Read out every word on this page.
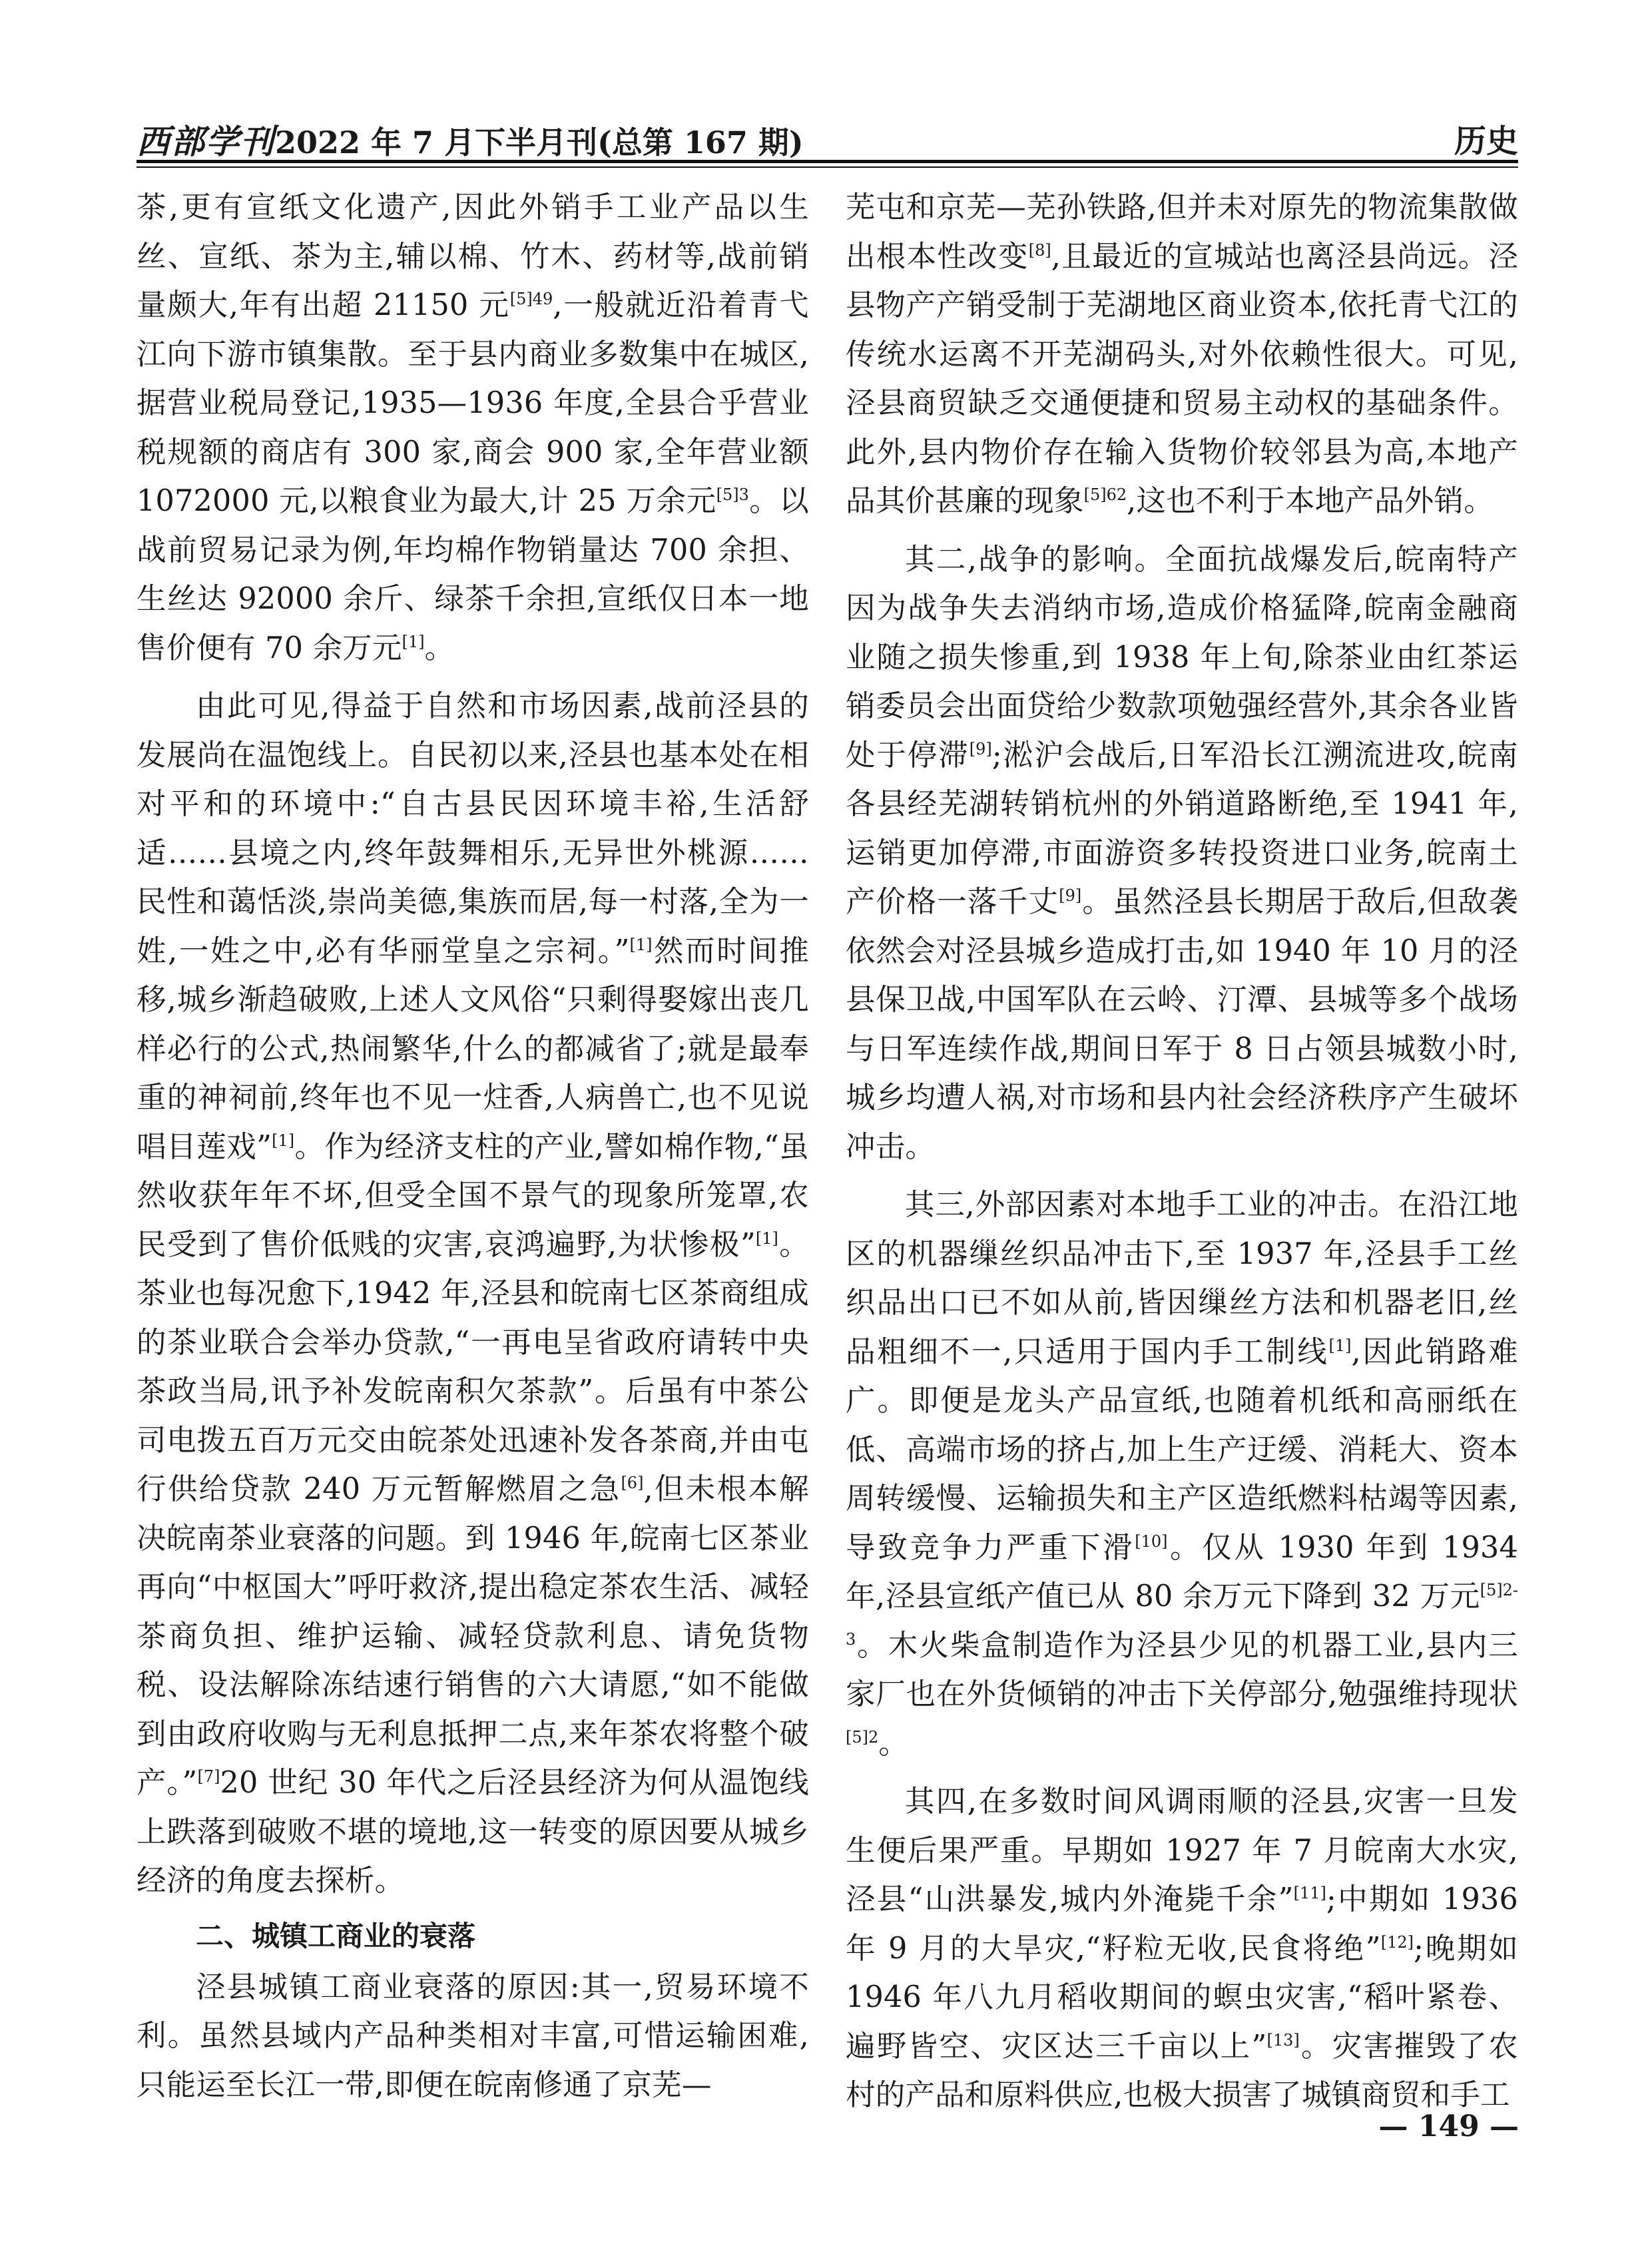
西部学刊2022 年 7 月下半月刊(总第 167 期)	历史

茶,更有宣纸文化遗产,因此外销手工业产品以生丝、宣纸、茶为主,辅以棉、竹木、药材等,战前销量颇大,年有出超 21150 元$^{[5]49}$,一般就近沿着青弋江向下游市镇集散。至于县内商业多数集中在城区,据营业税局登记,1935—1936 年度,全县合乎营业税规额的商店有 300 家,商会 900 家,全年营业额 1072000 元,以粮食业为最大,计 25 万余元$^{[5]3}$。以战前贸易记录为例,年均棉作物销量达 700 余担、生丝达 92000 余斤、绿茶千余担,宣纸仅日本一地售价便有 70 余万元[1]。

由此可见,得益于自然和市场因素,战前泾县的发展尚在温饱线上。自民初以来,泾县也基本处在相对平和的环境中:“自古县民因环境丰裕,生活舒适……县境之内,终年鼓舞相乐,无异世外桃源……民性和蔼恬淡,崇尚美德,集族而居,每一村落,全为一姓,一姓之中,必有华丽堂皇之宗祠。”[1]然而时间推移,城乡渐趋破败,上述人文风俗“只剩得娶嫁出丧几样必行的公式,热闹繁华,什么的都减省了;就是最奉重的神祠前,终年也不见一炷香,人病兽亡,也不见说唱目莲戏”[1]。作为经济支柱的产业,譬如棉作物,“虽然收获年年不坏,但受全国不景气的现象所笼罩,农民受到了售价低贱的灾害,哀鸿遍野,为状惨极”[1]。茶业也每况愈下,1942 年,泾县和皖南七区茶商组成的茶业联合会举办贷款,“一再电呈省政府请转中央茶政当局,讯予补发皖南积欠茶款”。后虽有中茶公司电拨五百万元交由皖茶处迅速补发各茶商,并由屯行供给贷款 240 万元暂解燃眉之急[6],但未根本解决皖南茶业衰落的问题。到 1946 年,皖南七区茶业再向“中枢国大”呼吁救济,提出稳定茶农生活、减轻茶商负担、维护运输、减轻贷款利息、请免货物税、设法解除冻结速行销售的六大请愿,“如不能做到由政府收购与无利息抵押二点,来年茶农将整个破产。”[7]20 世纪 30 年代之后泾县经济为何从温饱线上跌落到破败不堪的境地,这一转变的原因要从城乡经济的角度去探析。

二、城镇工商业的衰落

泾县城镇工商业衰落的原因:其一,贸易环境不利。虽然县域内产品种类相对丰富,可惜运输困难,只能运至长江一带,即便在皖南修通了京芜—

芜屯和京芜—芜孙铁路,但并未对原先的物流集散做出根本性改变[8],且最近的宣城站也离泾县尚远。泾县物产产销受制于芜湖地区商业资本,依托青弋江的传统水运离不开芜湖码头,对外依赖性很大。可见,泾县商贸缺乏交通便捷和贸易主动权的基础条件。此外,县内物价存在输入货物价较邻县为高,本地产品其价甚廉的现象$^{[5]62}$,这也不利于本地产品外销。

其二,战争的影响。全面抗战爆发后,皖南特产因为战争失去消纳市场,造成价格猛降,皖南金融商业随之损失惨重,到 1938 年上旬,除茶业由红茶运销委员会出面贷给少数款项勉强经营外,其余各业皆处于停滞[9];淞沪会战后,日军沿长江溯流进攻,皖南各县经芜湖转销杭州的外销道路断绝,至 1941 年,运销更加停滞,市面游资多转投资进口业务,皖南土产价格一落千丈[9]。虽然泾县长期居于敌后,但敌袭依然会对泾县城乡造成打击,如 1940 年 10 月的泾县保卫战,中国军队在云岭、汀潭、县城等多个战场与日军连续作战,期间日军于 8 日占领县城数小时,城乡均遭人祸,对市场和县内社会经济秩序产生破坏冲击。

其三,外部因素对本地手工业的冲击。在沿江地区的机器缫丝织品冲击下,至 1937 年,泾县手工丝织品出口已不如从前,皆因缫丝方法和机器老旧,丝品粗细不一,只适用于国内手工制线[1],因此销路难广。即便是龙头产品宣纸,也随着机纸和高丽纸在低、高端市场的挤占,加上生产迂缓、消耗大、资本周转缓慢、运输损失和主产区造纸燃料枯竭等因素,导致竞争力严重下滑[10]。仅从 1930 年到 1934 年,泾县宣纸产值已从 80 余万元下降到 32 万元$^{[5]2-3}$。木火柴盒制造作为泾县少见的机器工业,县内三家厂也在外货倾销的冲击下关停部分,勉强维持现状$^{[5]2}$。

其四,在多数时间风调雨顺的泾县,灾害一旦发生便后果严重。早期如 1927 年 7 月皖南大水灾,泾县“山洪暴发,城内外淹毙千余”[11];中期如 1936 年 9 月的大旱灾,“籽粒无收,民食将绝”[12];晚期如 1946 年八九月稻收期间的螟虫灾害,“稻叶紧卷、遍野皆空、灾区达三千亩以上”[13]。灾害摧毁了农村的产品和原料供应,也极大损害了城镇商贸和手工

— 149 —
